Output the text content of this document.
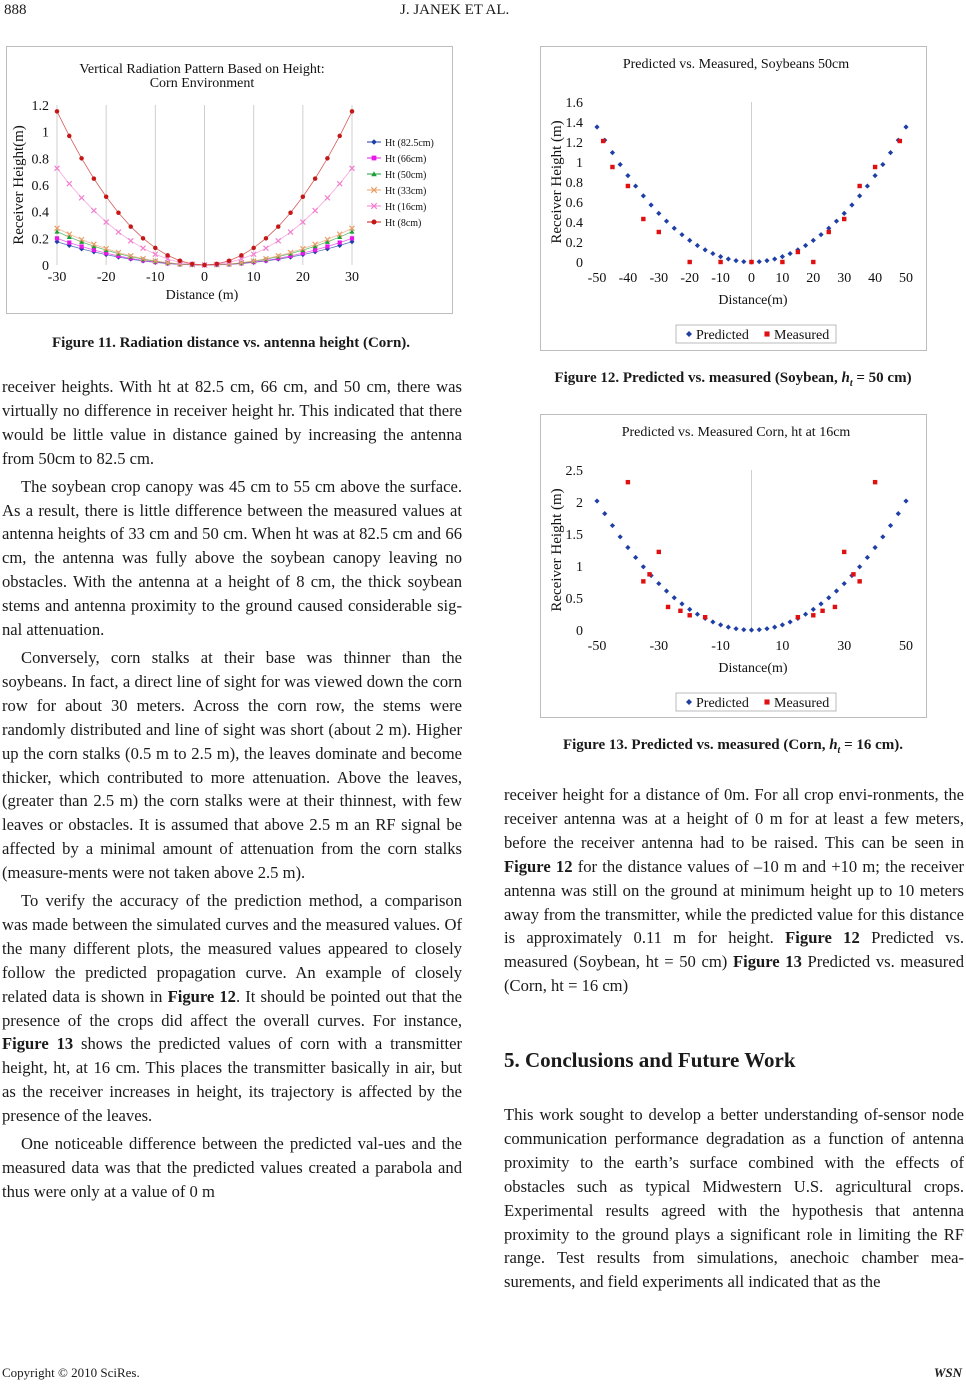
888	J. JANEK ET AL.
Vertical Radiation Pattern Based on Height:
Corn Environment
-30 -20 -10	0	10	20	30
0
0.2
0.4
0.6
0.8
1
1.2
Distance (m)
Receiver Height(m)	Ht (82.5cm)
Ht (66cm)
Ht (50cm)
Ht (33cm)
Ht (16cm)
Ht (8cm)
Figure 11. Radiation distance vs. antenna height (Corn).
Predicted vs. Measured, Soybeans 50cm
-50 -40 -30 -20 -10 0 10 20 30 40 50
0
0.2
0.4
0.6
0.8
1
1.2
1.4
1.6
Distance(m)
Receiver Height (m)
Predicted Measured
Figure 12. Predicted vs. measured (Soybean, $h_t = 50$ cm)
Predicted vs. Measured Corn, ht at 16cm
-50	-30	-10	10	30	50
0
0.5
1
1.5
2
2.5
Distance(m)
Receiver Height (m)
Predicted Measured
Figure 13. Predicted vs. measured (Corn, $h_t = 16$ cm).

receiver heights. With ht at 82.5 cm, 66 cm, and 50 cm, there was virtually no difference in receiver height hr. This indicated that there would be little value in distance gained by increasing the antenna from 50cm to 82.5 cm.

The soybean crop canopy was 45 cm to 55 cm above the surface. As a result, there is little difference between the measured values at antenna heights of 33 cm and 50 cm. When ht was at 82.5 cm and 66 cm, the antenna was fully above the soybean canopy leaving no obstacles. With the antenna at a height of 8 cm, the thick soybean stems and antenna proximity to the ground caused considerable sig-nal attenuation.

Conversely, corn stalks at their base was thinner than the soybeans. In fact, a direct line of sight for was viewed down the corn row for about 30 meters. Across the corn row, the stems were randomly distributed and line of sight was short (about 2 m). Higher up the corn stalks (0.5 m to 2.5 m), the leaves dominate and become thicker, which contributed to more attenuation. Above the leaves, (greater than 2.5 m) the corn stalks were at their thinnest, with few leaves or obstacles. It is assumed that above 2.5 m an RF signal be affected by a minimal amount of attenuation from the corn stalks (measure-ments were not taken above 2.5 m).

To verify the accuracy of the prediction method, a comparison was made between the simulated curves and the measured values. Of the many different plots, the measured values appeared to closely follow the predicted propagation curve. An example of closely related data is shown in Figure 12. It should be pointed out that the presence of the crops did affect the overall curves. For instance, Figure 13 shows the predicted values of corn with a transmitter height, ht, at 16 cm. This places the transmitter basically in air, but as the receiver increases in height, its trajectory is affected by the presence of the leaves.

One noticeable difference between the predicted val-ues and the measured data was that the predicted values created a parabola and thus were only at a value of 0 m

receiver height for a distance of 0m. For all crop envi-ronments, the receiver antenna was at a height of 0 m for at least a few meters, before the receiver antenna had to be raised. This can be seen in Figure 12 for the distance values of –10 m and +10 m; the receiver antenna was still on the ground at minimum height up to 10 meters away from the transmitter, while the predicted value for this distance is approximately 0.11 m for height. Figure 12 Predicted vs. measured (Soybean, ht = 50 cm) Figure 13 Predicted vs. measured (Corn, ht = 16 cm)

5. Conclusions and Future Work

This work sought to develop a better understanding of-sensor node communication performance degradation as a function of antenna proximity to the earth’s surface combined with the effects of obstacles such as typical Midwestern U.S. agricultural crops. Experimental results agreed with the hypothesis that antenna proximity to the ground plays a significant role in limiting the RF range. Test results from simulations, anechoic chamber mea-surements, and field experiments all indicated that as the

Copyright © 2010 SciRes.	WSN
